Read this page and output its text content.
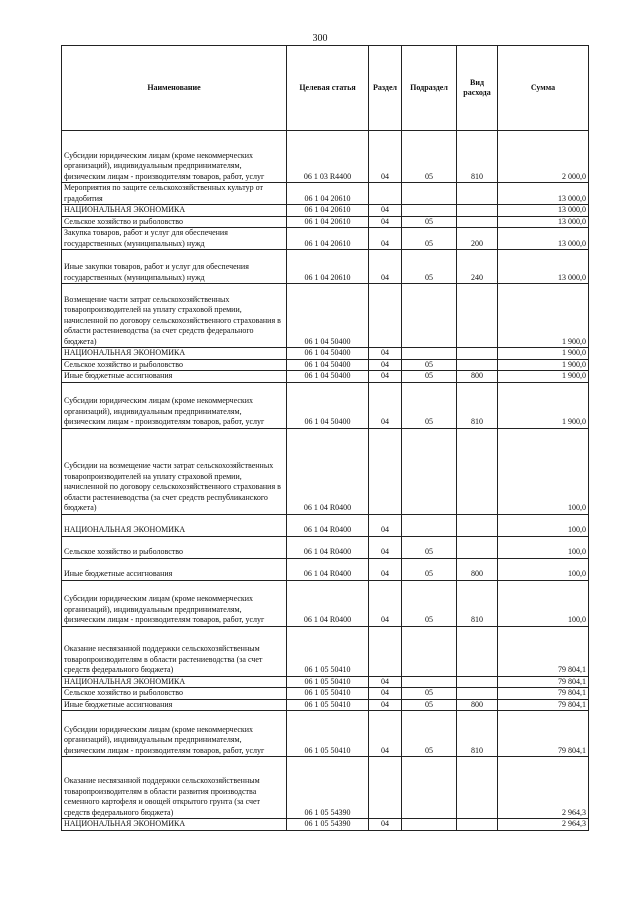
300
Наименование	Целевая статья	Раздел	Подраздел	Вид расхода	Сумма
Субсидии юридическим лицам (кроме некоммерческих организаций), индивидуальным предпринимателям, физическим лицам - производителям товаров, работ, услуг	06 1 03 R4400	04	05	810	2 000,0
Мероприятия по защите сельскохозяйственных культур от градобития	06 1 04 20610				13 000,0
НАЦИОНАЛЬНАЯ ЭКОНОМИКА	06 1 04 20610	04			13 000,0
Сельское хозяйство и рыболовство	06 1 04 20610	04	05		13 000,0
Закупка товаров, работ и услуг для обеспечения государственных (муниципальных) нужд	06 1 04 20610	04	05	200	13 000,0
Иные закупки товаров, работ и услуг для обеспечения государственных (муниципальных) нужд	06 1 04 20610	04	05	240	13 000,0
Возмещение части затрат сельскохозяйственных товаропроизводителей на уплату страховой премии, начисленной по договору сельскохозяйственного страхования в области растениеводства (за счет средств федерального бюджета)	06 1 04 50400				1 900,0
НАЦИОНАЛЬНАЯ ЭКОНОМИКА	06 1 04 50400	04			1 900,0
Сельское хозяйство и рыболовство	06 1 04 50400	04	05		1 900,0
Иные бюджетные ассигнования	06 1 04 50400	04	05	800	1 900,0
Субсидии юридическим лицам (кроме некоммерческих организаций), индивидуальным предпринимателям, физическим лицам - производителям товаров, работ, услуг	06 1 04 50400	04	05	810	1 900,0
Субсидии на возмещение части затрат сельскохозяйственных товаропроизводителей на уплату страховой премии, начисленной по договору сельскохозяйственного страхования в области растениеводства (за счет средств республиканского бюджета)	06 1 04 R0400				100,0
НАЦИОНАЛЬНАЯ ЭКОНОМИКА	06 1 04 R0400	04			100,0
Сельское хозяйство и рыболовство	06 1 04 R0400	04	05		100,0
Иные бюджетные ассигнования	06 1 04 R0400	04	05	800	100,0
Субсидии юридическим лицам (кроме некоммерческих организаций), индивидуальным предпринимателям, физическим лицам - производителям товаров, работ, услуг	06 1 04 R0400	04	05	810	100,0
Оказание несвязанной поддержки сельскохозяйственным товаропроизводителям в области растениеводства (за счет средств федерального бюджета)	06 1 05 50410				79 804,1
НАЦИОНАЛЬНАЯ ЭКОНОМИКА	06 1 05 50410	04			79 804,1
Сельское хозяйство и рыболовство	06 1 05 50410	04	05		79 804,1
Иные бюджетные ассигнования	06 1 05 50410	04	05	800	79 804,1
Субсидии юридическим лицам (кроме некоммерческих организаций), индивидуальным предпринимателям, физическим лицам - производителям товаров, работ, услуг	06 1 05 50410	04	05	810	79 804,1
Оказание несвязанной поддержки сельскохозяйственным товаропроизводителям в области развития производства семенного картофеля и овощей открытого грунта (за счет средств федерального бюджета)	06 1 05 54390				2 964,3
НАЦИОНАЛЬНАЯ ЭКОНОМИКА	06 1 05 54390	04			2 964,3
